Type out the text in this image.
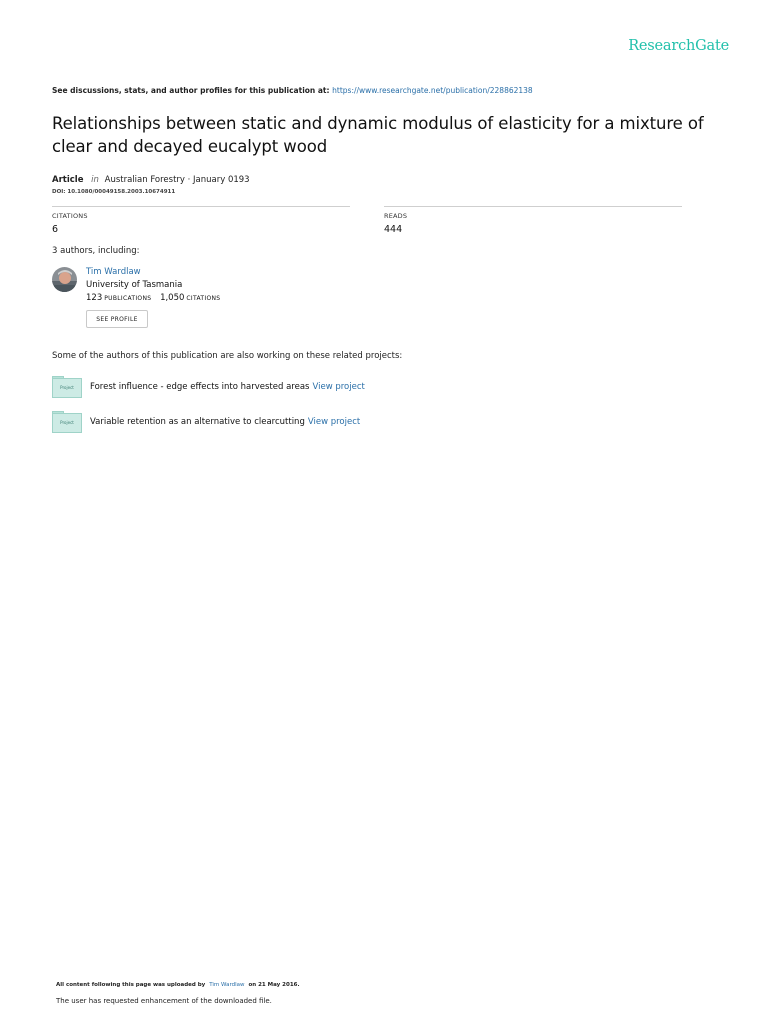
ResearchGate
See discussions, stats, and author profiles for this publication at: https://www.researchgate.net/publication/228862138
Relationships between static and dynamic modulus of elasticity for a mixture of clear and decayed eucalypt wood
Article in Australian Forestry · January 0193
DOI: 10.1080/00049158.2003.10674911
CITATIONS
6
READS
444
3 authors, including:
Tim Wardlaw
University of Tasmania
123 PUBLICATIONS 1,050 CITATIONS
SEE PROFILE
Some of the authors of this publication are also working on these related projects:
Project	Forest influence - edge effects into harvested areas View project
Project	Variable retention as an alternative to clearcutting View project
All content following this page was uploaded by Tim Wardlaw on 21 May 2016.
The user has requested enhancement of the downloaded file.
